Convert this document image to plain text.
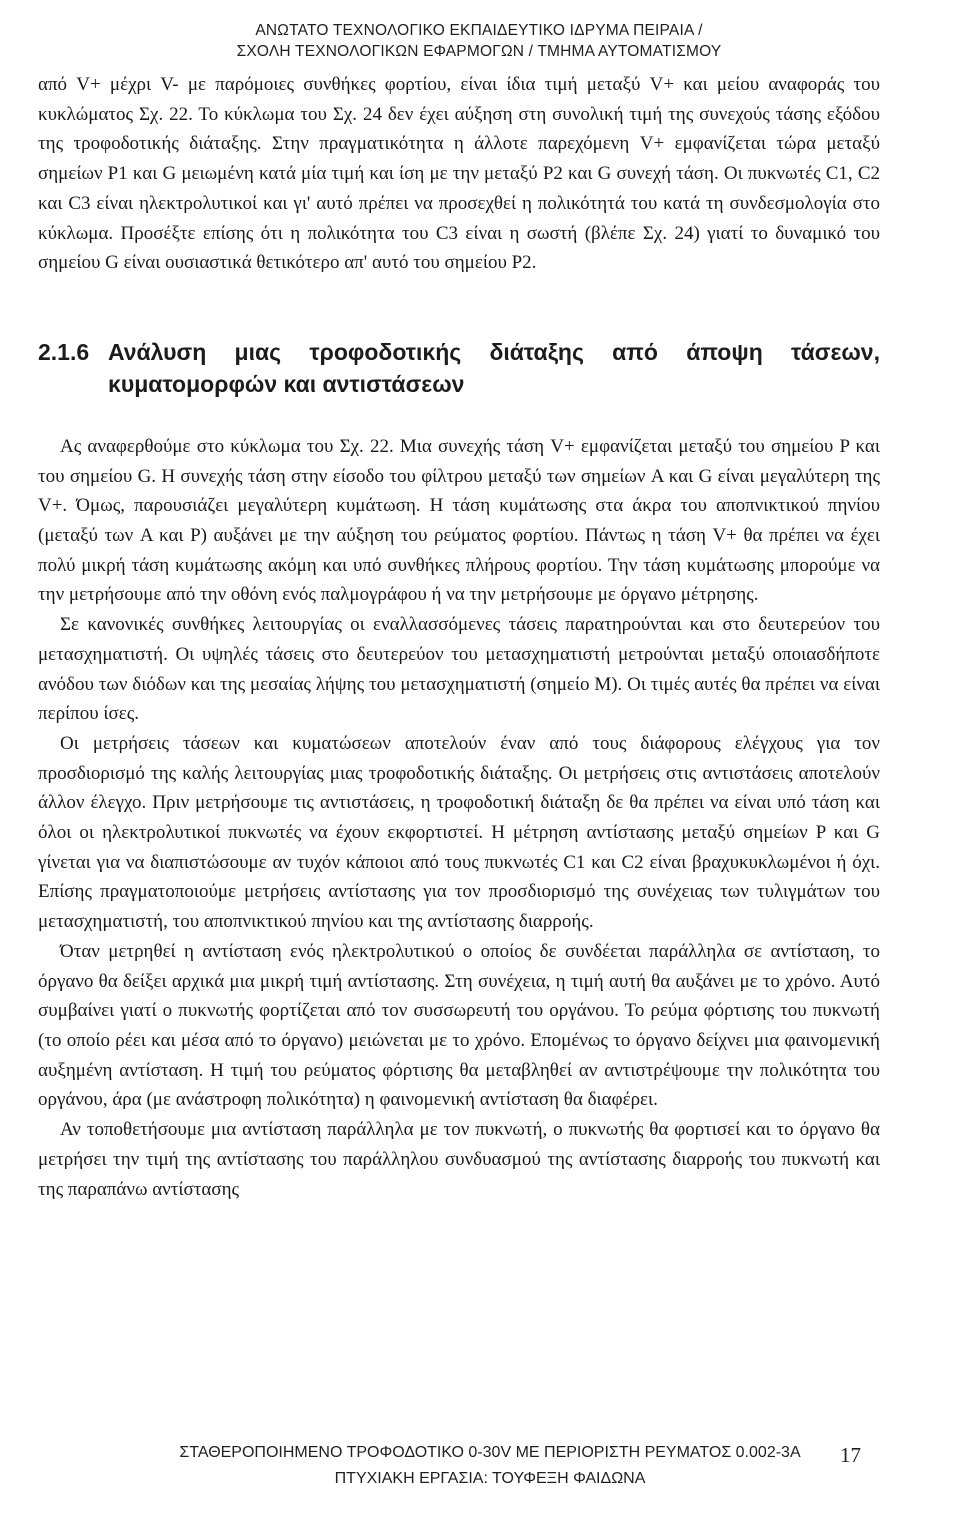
ΑΝΩΤΑΤΟ ΤΕΧΝΟΛΟΓΙΚΟ ΕΚΠΑΙΔΕΥΤΙΚΟ ΙΔΡΥΜΑ ΠΕΙΡΑΙΑ /
ΣΧΟΛΗ ΤΕΧΝΟΛΟΓΙΚΩΝ ΕΦΑΡΜΟΓΩΝ / ΤΜΗΜΑ ΑΥΤΟΜΑΤΙΣΜΟΥ

από V+ μέχρι V- με παρόμοιες συνθήκες φορτίου, είναι ίδια τιμή μεταξύ V+ και μείου αναφοράς του κυκλώματος Σχ. 22. Το κύκλωμα του Σχ. 24 δεν έχει αύξηση στη συνολική τιμή της συνεχούς τάσης εξόδου της τροφοδοτικής διάταξης. Στην πραγματικότητα η άλλοτε παρεχόμενη V+ εμφανίζεται τώρα μεταξύ σημείων P1 και G μειωμένη κατά μία τιμή και ίση με την μεταξύ P2 και G συνεχή τάση. Οι πυκνωτές C1, C2 και C3 είναι ηλεκτρολυτικοί και γι' αυτό πρέπει να προσεχθεί η πολικότητά του κατά τη συνδεσμολογία στο κύκλωμα. Προσέξτε επίσης ότι η πολικότητα του C3 είναι η σωστή (βλέπε Σχ. 24) γιατί το δυναμικό του σημείου G είναι ουσιαστικά θετικότερο απ' αυτό του σημείου P2.

2.1.6 Ανάλυση μιας τροφοδοτικής διάταξης από άποψη τάσεων, κυματομορφών και αντιστάσεων

Ας αναφερθούμε στο κύκλωμα του Σχ. 22. Μια συνεχής τάση V+ εμφανίζεται μεταξύ του σημείου P και του σημείου G. Η συνεχής τάση στην είσοδο του φίλτρου μεταξύ των σημείων A και G είναι μεγαλύτερη της V+. Όμως, παρουσιάζει μεγαλύτερη κυμάτωση. Η τάση κυμάτωσης στα άκρα του αποπνικτικού πηνίου (μεταξύ των A και P) αυξάνει με την αύξηση του ρεύματος φορτίου. Πάντως η τάση V+ θα πρέπει να έχει πολύ μικρή τάση κυμάτωσης ακόμη και υπό συνθήκες πλήρους φορτίου. Την τάση κυμάτωσης μπορούμε να την μετρήσουμε από την οθόνη ενός παλμογράφου ή να την μετρήσουμε με όργανο μέτρησης.

Σε κανονικές συνθήκες λειτουργίας οι εναλλασσόμενες τάσεις παρατηρούνται και στο δευτερεύον του μετασχηματιστή. Οι υψηλές τάσεις στο δευτερεύον του μετασχηματιστή μετρούνται μεταξύ οποιασδήποτε ανόδου των διόδων και της μεσαίας λήψης του μετασχηματιστή (σημείο M). Οι τιμές αυτές θα πρέπει να είναι περίπου ίσες.

Οι μετρήσεις τάσεων και κυματώσεων αποτελούν έναν από τους διάφορους ελέγχους για τον προσδιορισμό της καλής λειτουργίας μιας τροφοδοτικής διάταξης. Οι μετρήσεις στις αντιστάσεις αποτελούν άλλον έλεγχο. Πριν μετρήσουμε τις αντιστάσεις, η τροφοδοτική διάταξη δε θα πρέπει να είναι υπό τάση και όλοι οι ηλεκτρολυτικοί πυκνωτές να έχουν εκφορτιστεί. Η μέτρηση αντίστασης μεταξύ σημείων P και G γίνεται για να διαπιστώσουμε αν τυχόν κάποιοι από τους πυκνωτές C1 και C2 είναι βραχυκυκλωμένοι ή όχι. Επίσης πραγματοποιούμε μετρήσεις αντίστασης για τον προσδιορισμό της συνέχειας των τυλιγμάτων του μετασχηματιστή, του αποπνικτικού πηνίου και της αντίστασης διαρροής.

Όταν μετρηθεί η αντίσταση ενός ηλεκτρολυτικού ο οποίος δε συνδέεται παράλληλα σε αντίσταση, το όργανο θα δείξει αρχικά μια μικρή τιμή αντίστασης. Στη συνέχεια, η τιμή αυτή θα αυξάνει με το χρόνο. Αυτό συμβαίνει γιατί ο πυκνωτής φορτίζεται από τον συσσωρευτή του οργάνου. Το ρεύμα φόρτισης του πυκνωτή (το οποίο ρέει και μέσα από το όργανο) μειώνεται με το χρόνο. Επομένως το όργανο δείχνει μια φαινομενική αυξημένη αντίσταση. Η τιμή του ρεύματος φόρτισης θα μεταβληθεί αν αντιστρέψουμε την πολικότητα του οργάνου, άρα (με ανάστροφη πολικότητα) η φαινομενική αντίσταση θα διαφέρει.

Αν τοποθετήσουμε μια αντίσταση παράλληλα με τον πυκνωτή, ο πυκνωτής θα φορτισεί και το όργανο θα μετρήσει την τιμή της αντίστασης του παράλληλου συνδυασμού της αντίστασης διαρροής του πυκνωτή και της παραπάνω αντίστασης

ΣΤΑΘΕΡΟΠΟΙΗΜΕΝΟ ΤΡΟΦΟΔΟΤΙΚΟ 0-30V ΜΕ ΠΕΡΙΟΡΙΣΤΗ ΡΕΥΜΑΤΟΣ 0.002-3A
ΠΤΥΧΙΑΚΗ ΕΡΓΑΣΙΑ: ΤΟΥΦΕΞΗ ΦΑΙΔΩΝΑ
17
